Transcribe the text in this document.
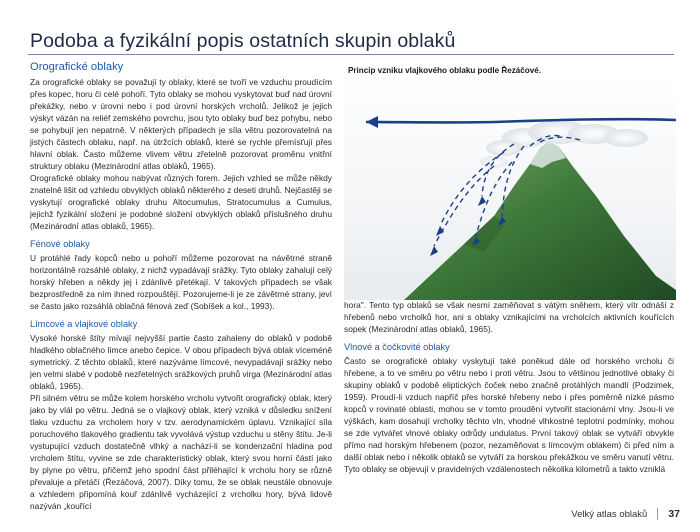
Podoba a fyzikální popis ostatních skupin oblaků
Orografické oblaky

Za orografické oblaky se považují ty oblaky, které se tvoří ve vzduchu proudícím přes kopec, horu či celé pohoří. Tyto oblaky se mohou vyskytovat buď nad úrovní překážky, nebo v úrovni nebo i pod úrovní horských vrcholů. Jelikož je jejich výskyt vázán na reliéf zemského povrchu, jsou tyto oblaky buď bez pohybu, nebo se pohybují jen nepatrně. V některých případech je síla větru pozorovatelná na jistých částech oblaku, např. na útržcích oblaků, které se rychle přemísťují přes hlavní oblak. Často můžeme vlivem větru zřetelně pozorovat proměnu vnitřní struktury oblaku (Mezinárodní atlas oblaků, 1965).

Orografické oblaky mohou nabývat různých forem. Jejich vzhled se může někdy znatelně lišit od vzhledu obvyklých oblaků některého z deseti druhů. Nejčastěji se vyskytují orografické oblaky druhu Altocumulus, Stratocumulus a Cumulus, jejichž fyzikální složení je podobné složení obvyklých oblaků příslušného druhu (Mezinárodní atlas oblaků, 1965).

Fénové oblaky

U protáhlé řady kopců nebo u pohoří můžeme pozorovat na návětrné straně horizontálně rozsáhlé oblaky, z nichž vypadávají srážky. Tyto oblaky zahalují celý horský hřeben a někdy jej i zdánlivě přetékají. V takových případech se však bezprostředně za ním ihned rozpouštějí. Pozorujeme-li je ze závětrné strany, jeví se často jako rozsáhlá oblačná fénová zeď (Sobíšek a kol., 1993).

Límcové a vlajkové oblaky

Vysoké horské štíty mívají nejvyšší partie často zahaleny do oblaků v podobě hladkého oblačného límce anebo čepice. V obou případech bývá oblak víceméně symetrický. Z těchto oblaků, které nazýváme límcové, nevypadávají srážky nebo jen velmi slabé v podobě nezřetelných srážkových pruhů virga (Mezinárodní atlas oblaků, 1965).

Při silném větru se může kolem horského vrcholu vytvořit orografický oblak, který jako by vlál po větru. Jedná se o vlajkový oblak, který vzniká v důsledku snížení tlaku vzduchu za vrcholem hory v tzv. aerodynamickém úplavu. Vznikající síla poruchového tlakového gradientu tak vyvolává výstup vzduchu u stěny štítu. Je-li vystupující vzduch dostatečně vlhký a nachází-li se kondenzační hladina pod vrcholem štítu, vyvine se zde charakteristický oblak, který svou horní částí jako by plyne po větru, přičemž jeho spodní část přiléhající k vrcholu hory se různě převaluje a přetáčí (Řezáčová, 2007). Díky tomu, že se oblak neustále obnovuje a vzhledem připomíná kouř zdánlivě vycházející z vrcholku hory, bývá lidově nazýván „kouřící

Princip vzniku vlajkového oblaku podle Řezáčové.

hora". Tento typ oblaků se však nesmí zaměňovat s vátým sněhem, který vítr odnáší z hřebenů nebo vrcholků hor, ani s oblaky vznikajícími na vrcholcích aktivních kouřících sopek (Mezinárodní atlas oblaků, 1965).

Vlnové a čočkovité oblaky

Často se orografické oblaky vyskytují také poněkud dále od horského vrcholu či hřebene, a to ve směru po větru nebo i proti větru. Jsou to většinou jednotlivé oblaky či skupiny oblaků v podobě eliptických čoček nebo značně protáhlých mandlí (Podzimek, 1959). Proudí-li vzduch napříč přes horské hřebeny nebo i přes poměrně nízké pásmo kopců v rovinaté oblasti, mohou se v tomto proudění vytvořit stacionární vlny. Jsou-li ve výškách, kam dosahují vrcholky těchto vln, vhodné vlhkostné teplotní podmínky, mohou se zde vytvářet vlnové oblaky odrůdy undulatus. První takový oblak se vytváří obvykle přímo nad horským hřebenem (pozor, nezaměňovat s límcovým oblakem) či před ním a další oblak nebo i několik oblaků se vytváří za horskou překážkou ve směru vanutí větru. Tyto oblaky se objevují v pravidelných vzdálenostech několika kilometrů a takto vzniklá

Velký atlas oblaků 37
